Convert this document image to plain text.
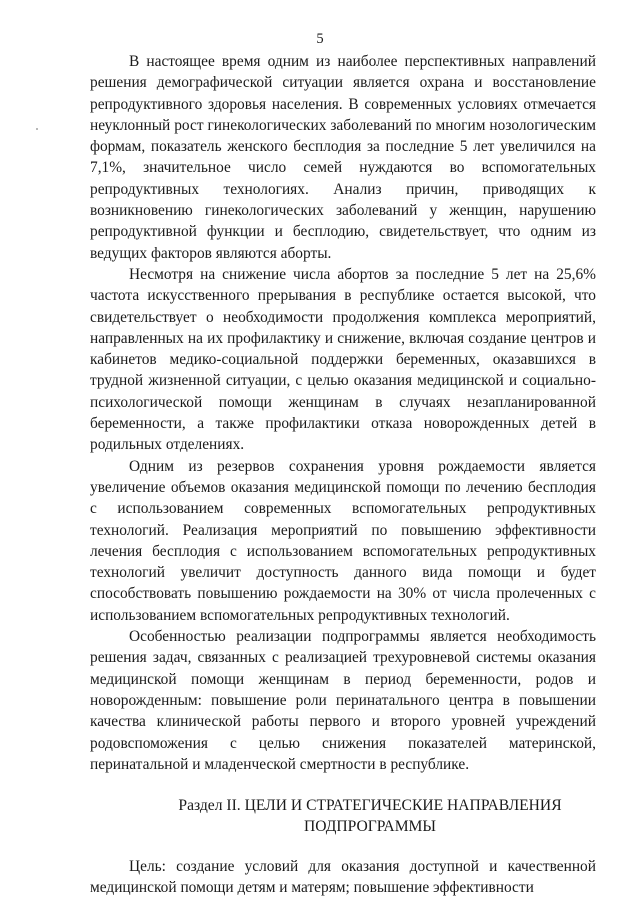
5

В настоящее время одним из наиболее перспективных направлений решения демографической ситуации является охрана и восстановление репродуктивного здоровья населения. В современных условиях отмечается неуклонный рост гинекологических заболеваний по многим нозологическим формам, показатель женского бесплодия за последние 5 лет увеличился на 7,1%, значительное число семей нуждаются во вспомогательных репродуктивных технологиях. Анализ причин, приводящих к возникновению гинекологических заболеваний у женщин, нарушению репродуктивной функции и бесплодию, свидетельствует, что одним из ведущих факторов являются аборты.

Несмотря на снижение числа абортов за последние 5 лет на 25,6% частота искусственного прерывания в республике остается высокой, что свидетельствует о необходимости продолжения комплекса мероприятий, направленных на их профилактику и снижение, включая создание центров и кабинетов медико-социальной поддержки беременных, оказавшихся в трудной жизненной ситуации, с целью оказания медицинской и социально-психологической помощи женщинам в случаях незапланированной беременности, а также профилактики отказа новорожденных детей в родильных отделениях.

Одним из резервов сохранения уровня рождаемости является увеличение объемов оказания медицинской помощи по лечению бесплодия с использованием современных вспомогательных репродуктивных технологий. Реализация мероприятий по повышению эффективности лечения бесплодия с использованием вспомогательных репродуктивных технологий увеличит доступность данного вида помощи и будет способствовать повышению рождаемости на 30% от числа пролеченных с использованием вспомогательных репродуктивных технологий.

Особенностью реализации подпрограммы является необходимость решения задач, связанных с реализацией трехуровневой системы оказания медицинской помощи женщинам в период беременности, родов и новорожденным: повышение роли перинатального центра в повышении качества клинической работы первого и второго уровней учреждений родовспоможения с целью снижения показателей материнской, перинатальной и младенческой смертности в республике.

Раздел II. ЦЕЛИ И СТРАТЕГИЧЕСКИЕ НАПРАВЛЕНИЯ
ПОДПРОГРАММЫ

Цель: создание условий для оказания доступной и качественной медицинской помощи детям и матерям; повышение эффективности
